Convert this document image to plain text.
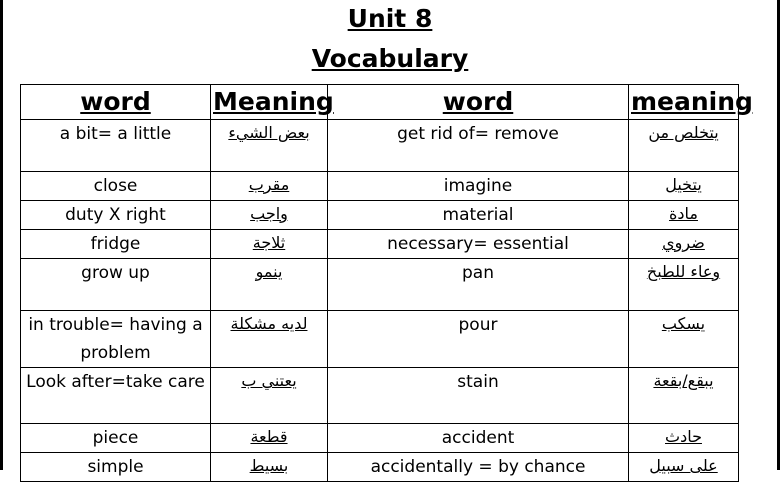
Unit 8
Vocabulary
word	Meaning	word	meaning
a bit= a little	بعض الشيء	get rid of= remove	يتخلص من
close	مقرب	imagine	يتخيل
duty X right	واجب	material	مادة
fridge	ثلاجة	necessary= essential	ضروي
grow up	ينمو	pan	وعاء للطبخ
in trouble= having a problem	لديه مشكلة	pour	يسكب
Look after=take care	يعتني ب	stain	يبقع/بقعة
piece	قطعة	accident	حادث
simple	بسيط	accidentally = by chance	على سبيل
